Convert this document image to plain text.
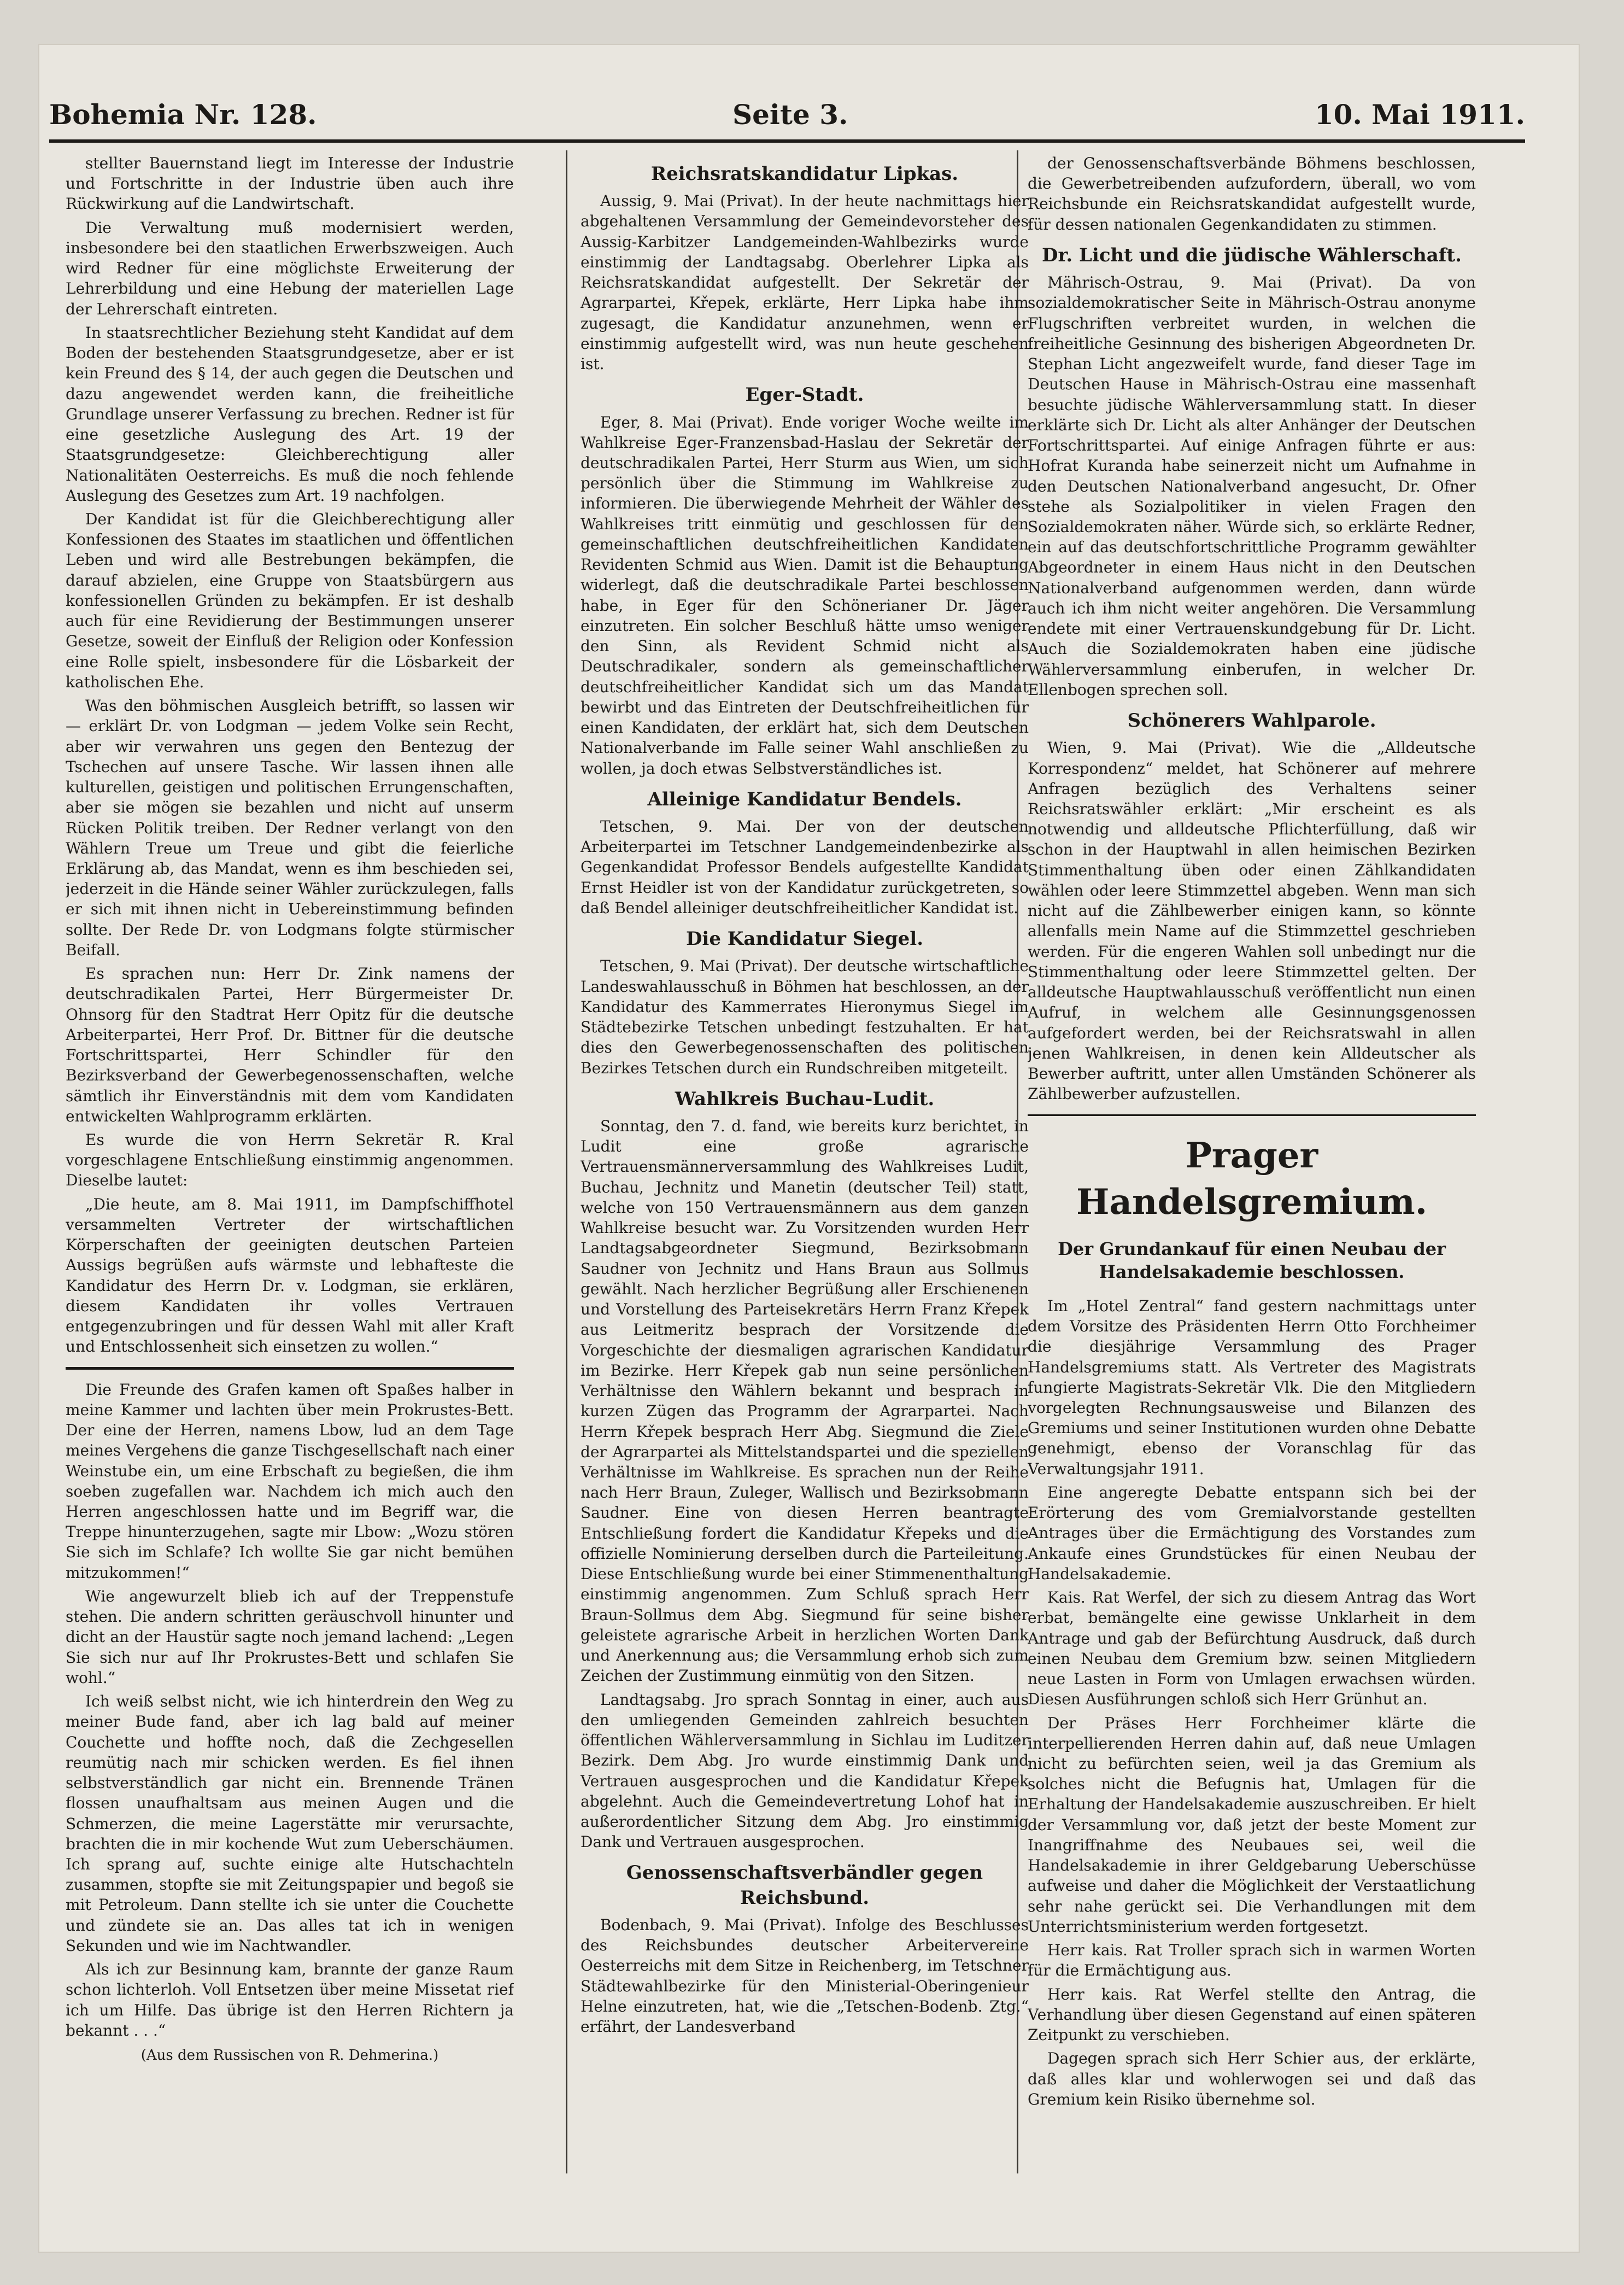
Bohemia Nr. 128.	Seite 3.	10. Mai 1911.

stellter Bauernstand liegt im Interesse der Industrie und Fortschritte in der Industrie üben auch ihre Rückwirkung auf die Landwirtschaft.

Die Verwaltung muß modernisiert werden, insbesondere bei den staatlichen Erwerbszweigen. Auch wird Redner für eine möglichste Erweiterung der Lehrerbildung und eine Hebung der materiellen Lage der Lehrerschaft eintreten.

In staatsrechtlicher Beziehung steht Kandidat auf dem Boden der bestehenden Staatsgrundgesetze, aber er ist kein Freund des § 14, der auch gegen die Deutschen und dazu angewendet werden kann, die freiheitliche Grundlage unserer Verfassung zu brechen. Redner ist für eine gesetzliche Auslegung des Art. 19 der Staatsgrundgesetze: Gleichberechtigung aller Nationalitäten Oesterreichs. Es muß die noch fehlende Auslegung des Gesetzes zum Art. 19 nachfolgen.

Der Kandidat ist für die Gleichberechtigung aller Konfessionen des Staates im staatlichen und öffentlichen Leben und wird alle Bestrebungen bekämpfen, die darauf abzielen, eine Gruppe von Staatsbürgern aus konfessionellen Gründen zu bekämpfen. Er ist deshalb auch für eine Revidierung der Bestimmungen unserer Gesetze, soweit der Einfluß der Religion oder Konfession eine Rolle spielt, insbesondere für die Lösbarkeit der katholischen Ehe.

Was den böhmischen Ausgleich betrifft, so lassen wir — erklärt Dr. von Lodgman — jedem Volke sein Recht, aber wir verwahren uns gegen den Bentezug der Tschechen auf unsere Tasche. Wir lassen ihnen alle kulturellen, geistigen und politischen Errungenschaften, aber sie mögen sie bezahlen und nicht auf unserm Rücken Politik treiben. Der Redner verlangt von den Wählern Treue um Treue und gibt die feierliche Erklärung ab, das Mandat, wenn es ihm beschieden sei, jederzeit in die Hände seiner Wähler zurückzulegen, falls er sich mit ihnen nicht in Uebereinstimmung befinden sollte. Der Rede Dr. von Lodgmans folgte stürmischer Beifall.

Es sprachen nun: Herr Dr. Zink namens der deutschradikalen Partei, Herr Bürgermeister Dr. Ohnsorg für den Stadtrat Herr Opitz für die deutsche Arbeiterpartei, Herr Prof. Dr. Bittner für die deutsche Fortschrittspartei, Herr Schindler für den Bezirksverband der Gewerbegenossenschaften, welche sämtlich ihr Einverständnis mit dem vom Kandidaten entwickelten Wahlprogramm erklärten.

Es wurde die von Herrn Sekretär R. Kral vorgeschlagene Entschließung einstimmig angenommen. Dieselbe lautet:

„Die heute, am 8. Mai 1911, im Dampfschiffhotel versammelten Vertreter der wirtschaftlichen Körperschaften der geeinigten deutschen Parteien Aussigs begrüßen aufs wärmste und lebhafteste die Kandidatur des Herrn Dr. v. Lodgman, sie erklären, diesem Kandidaten ihr volles Vertrauen entgegenzubringen und für dessen Wahl mit aller Kraft und Entschlossenheit sich einsetzen zu wollen.“

Die Freunde des Grafen kamen oft Spaßes halber in meine Kammer und lachten über mein Prokrustes-Bett. Der eine der Herren, namens Lbow, lud an dem Tage meines Vergehens die ganze Tischgesellschaft nach einer Weinstube ein, um eine Erbschaft zu begießen, die ihm soeben zugefallen war. Nachdem ich mich auch den Herren angeschlossen hatte und im Begriff war, die Treppe hinunterzugehen, sagte mir Lbow: „Wozu stören Sie sich im Schlafe? Ich wollte Sie gar nicht bemühen mitzukommen!“

Wie angewurzelt blieb ich auf der Treppenstufe stehen. Die andern schritten geräuschvoll hinunter und dicht an der Haustür sagte noch jemand lachend: „Legen Sie sich nur auf Ihr Prokrustes-Bett und schlafen Sie wohl.“

Ich weiß selbst nicht, wie ich hinterdrein den Weg zu meiner Bude fand, aber ich lag bald auf meiner Couchette und hoffte noch, daß die Zechgesellen reumütig nach mir schicken werden. Es fiel ihnen selbstverständlich gar nicht ein. Brennende Tränen flossen unaufhaltsam aus meinen Augen und die Schmerzen, die meine Lagerstätte mir verursachte, brachten die in mir kochende Wut zum Ueberschäumen. Ich sprang auf, suchte einige alte Hutschachteln zusammen, stopfte sie mit Zeitungspapier und begoß sie mit Petroleum. Dann stellte ich sie unter die Couchette und zündete sie an. Das alles tat ich in wenigen Sekunden und wie im Nachtwandler.

Als ich zur Besinnung kam, brannte der ganze Raum schon lichterloh. Voll Entsetzen über meine Missetat rief ich um Hilfe. Das übrige ist den Herren Richtern ja bekannt . . .“

(Aus dem Russischen von R. Dehmerina.)

Reichsratskandidatur Lipkas.

Aussig, 9. Mai (Privat). In der heute nachmittags hier abgehaltenen Versammlung der Gemeindevorsteher des Aussig-Karbitzer Landgemeinden-Wahlbezirks wurde einstimmig der Landtagsabg. Oberlehrer Lipka als Reichsratskandidat aufgestellt. Der Sekretär der Agrarpartei, Křepek, erklärte, Herr Lipka habe ihm zugesagt, die Kandidatur anzunehmen, wenn er einstimmig aufgestellt wird, was nun heute geschehen ist.

Eger-Stadt.

Eger, 8. Mai (Privat). Ende voriger Woche weilte im Wahlkreise Eger-Franzensbad-Haslau der Sekretär der deutschradikalen Partei, Herr Sturm aus Wien, um sich persönlich über die Stimmung im Wahlkreise zu informieren. Die überwiegende Mehrheit der Wähler des Wahlkreises tritt einmütig und geschlossen für den gemeinschaftlichen deutschfreiheitlichen Kandidaten Revidenten Schmid aus Wien. Damit ist die Behauptung widerlegt, daß die deutschradikale Partei beschlossen habe, in Eger für den Schönerianer Dr. Jäger einzutreten. Ein solcher Beschluß hätte umso weniger den Sinn, als Revident Schmid nicht als Deutschradikaler, sondern als gemeinschaftlicher deutschfreiheitlicher Kandidat sich um das Mandat bewirbt und das Eintreten der Deutschfreiheitlichen für einen Kandidaten, der erklärt hat, sich dem Deutschen Nationalverbande im Falle seiner Wahl anschließen zu wollen, ja doch etwas Selbstverständliches ist.

Alleinige Kandidatur Bendels.

Tetschen, 9. Mai. Der von der deutschen Arbeiterpartei im Tetschner Landgemeindenbezirke als Gegenkandidat Professor Bendels aufgestellte Kandidat Ernst Heidler ist von der Kandidatur zurückgetreten, so daß Bendel alleiniger deutschfreiheitlicher Kandidat ist.

Die Kandidatur Siegel.

Tetschen, 9. Mai (Privat). Der deutsche wirtschaftliche Landeswahlausschuß in Böhmen hat beschlossen, an der Kandidatur des Kammerrates Hieronymus Siegel im Städtebezirke Tetschen unbedingt festzuhalten. Er hat dies den Gewerbegenossenschaften des politischen Bezirkes Tetschen durch ein Rundschreiben mitgeteilt.

Wahlkreis Buchau-Ludit.

Sonntag, den 7. d. fand, wie bereits kurz berichtet, in Ludit eine große agrarische Vertrauensmännerversammlung des Wahlkreises Ludit, Buchau, Jechnitz und Manetin (deutscher Teil) statt, welche von 150 Vertrauensmännern aus dem ganzen Wahlkreise besucht war. Zu Vorsitzenden wurden Herr Landtagsabgeordneter Siegmund, Bezirksobmann Saudner von Jechnitz und Hans Braun aus Sollmus gewählt. Nach herzlicher Begrüßung aller Erschienenen und Vorstellung des Parteisekretärs Herrn Franz Křepek aus Leitmeritz besprach der Vorsitzende die Vorgeschichte der diesmaligen agrarischen Kandidatur im Bezirke. Herr Křepek gab nun seine persönlichen Verhältnisse den Wählern bekannt und besprach in kurzen Zügen das Programm der Agrarpartei. Nach Herrn Křepek besprach Herr Abg. Siegmund die Ziele der Agrarpartei als Mittelstandspartei und die speziellen Verhältnisse im Wahlkreise. Es sprachen nun der Reihe nach Herr Braun, Zuleger, Wallisch und Bezirksobmann Saudner. Eine von diesen Herren beantragte Entschließung fordert die Kandidatur Křepeks und die offizielle Nominierung derselben durch die Parteileitung. Diese Entschließung wurde bei einer Stimmenenthaltung einstimmig angenommen. Zum Schluß sprach Herr Braun-Sollmus dem Abg. Siegmund für seine bisher geleistete agrarische Arbeit in herzlichen Worten Dank und Anerkennung aus; die Versammlung erhob sich zum Zeichen der Zustimmung einmütig von den Sitzen.

Landtagsabg. Jro sprach Sonntag in einer, auch aus den umliegenden Gemeinden zahlreich besuchten öffentlichen Wählerversammlung in Sichlau im Luditzer Bezirk. Dem Abg. Jro wurde einstimmig Dank und Vertrauen ausgesprochen und die Kandidatur Křepek abgelehnt. Auch die Gemeindevertretung Lohof hat in außerordentlicher Sitzung dem Abg. Jro einstimmig Dank und Vertrauen ausgesprochen.

Genossenschaftsverbändler gegen Reichsbund.

Bodenbach, 9. Mai (Privat). Infolge des Beschlusses des Reichsbundes deutscher Arbeitervereine Oesterreichs mit dem Sitze in Reichenberg, im Tetschner Städtewahlbezirke für den Ministerial-Oberingenieur Helne einzutreten, hat, wie die „Tetschen-Bodenb. Ztg.“ erfährt, der Landesverband

der Genossenschaftsverbände Böhmens beschlossen, die Gewerbetreibenden aufzufordern, überall, wo vom Reichsbunde ein Reichsratskandidat aufgestellt wurde, für dessen nationalen Gegenkandidaten zu stimmen.

Dr. Licht und die jüdische Wählerschaft.

Mährisch-Ostrau, 9. Mai (Privat). Da von sozialdemokratischer Seite in Mährisch-Ostrau anonyme Flugschriften verbreitet wurden, in welchen die freiheitliche Gesinnung des bisherigen Abgeordneten Dr. Stephan Licht angezweifelt wurde, fand dieser Tage im Deutschen Hause in Mährisch-Ostrau eine massenhaft besuchte jüdische Wählerversammlung statt. In dieser erklärte sich Dr. Licht als alter Anhänger der Deutschen Fortschrittspartei. Auf einige Anfragen führte er aus: Hofrat Kuranda habe seinerzeit nicht um Aufnahme in den Deutschen Nationalverband angesucht, Dr. Ofner stehe als Sozialpolitiker in vielen Fragen den Sozialdemokraten näher. Würde sich, so erklärte Redner, ein auf das deutschfortschrittliche Programm gewählter Abgeordneter in einem Haus nicht in den Deutschen Nationalverband aufgenommen werden, dann würde auch ich ihm nicht weiter angehören. Die Versammlung endete mit einer Vertrauenskundgebung für Dr. Licht. Auch die Sozialdemokraten haben eine jüdische Wählerversammlung einberufen, in welcher Dr. Ellenbogen sprechen soll.

Schönerers Wahlparole.

Wien, 9. Mai (Privat). Wie die „Alldeutsche Korrespondenz“ meldet, hat Schönerer auf mehrere Anfragen bezüglich des Verhaltens seiner Reichsratswähler erklärt: „Mir erscheint es als notwendig und alldeutsche Pflichterfüllung, daß wir schon in der Hauptwahl in allen heimischen Bezirken Stimmenthaltung üben oder einen Zählkandidaten wählen oder leere Stimmzettel abgeben. Wenn man sich nicht auf die Zählbewerber einigen kann, so könnte allenfalls mein Name auf die Stimmzettel geschrieben werden. Für die engeren Wahlen soll unbedingt nur die Stimmenthaltung oder leere Stimmzettel gelten. Der alldeutsche Hauptwahlausschuß veröffentlicht nun einen Aufruf, in welchem alle Gesinnungsgenossen aufgefordert werden, bei der Reichsratswahl in allen jenen Wahlkreisen, in denen kein Alldeutscher als Bewerber auftritt, unter allen Umständen Schönerer als Zählbewerber aufzustellen.

Prager Handelsgremium.

Der Grundankauf für einen Neubau der Handelsakademie beschlossen.

Im „Hotel Zentral“ fand gestern nachmittags unter dem Vorsitze des Präsidenten Herrn Otto Forchheimer die diesjährige Versammlung des Prager Handelsgremiums statt. Als Vertreter des Magistrats fungierte Magistrats-Sekretär Vlk. Die den Mitgliedern vorgelegten Rechnungsausweise und Bilanzen des Gremiums und seiner Institutionen wurden ohne Debatte genehmigt, ebenso der Voranschlag für das Verwaltungsjahr 1911.

Eine angeregte Debatte entspann sich bei der Erörterung des vom Gremialvorstande gestellten Antrages über die Ermächtigung des Vorstandes zum Ankaufe eines Grundstückes für einen Neubau der Handelsakademie.

Kais. Rat Werfel, der sich zu diesem Antrag das Wort erbat, bemängelte eine gewisse Unklarheit in dem Antrage und gab der Befürchtung Ausdruck, daß durch einen Neubau dem Gremium bzw. seinen Mitgliedern neue Lasten in Form von Umlagen erwachsen würden. Diesen Ausführungen schloß sich Herr Grünhut an.

Der Präses Herr Forchheimer klärte die interpellierenden Herren dahin auf, daß neue Umlagen nicht zu befürchten seien, weil ja das Gremium als solches nicht die Befugnis hat, Umlagen für die Erhaltung der Handelsakademie auszuschreiben. Er hielt der Versammlung vor, daß jetzt der beste Moment zur Inangriffnahme des Neubaues sei, weil die Handelsakademie in ihrer Geldgebarung Ueberschüsse aufweise und daher die Möglichkeit der Verstaatlichung sehr nahe gerückt sei. Die Verhandlungen mit dem Unterrichtsministerium werden fortgesetzt.

Herr kais. Rat Troller sprach sich in warmen Worten für die Ermächtigung aus.

Herr kais. Rat Werfel stellte den Antrag, die Verhandlung über diesen Gegenstand auf einen späteren Zeitpunkt zu verschieben.

Dagegen sprach sich Herr Schier aus, der erklärte, daß alles klar und wohlerwogen sei und daß das Gremium kein Risiko übernehme sol.
